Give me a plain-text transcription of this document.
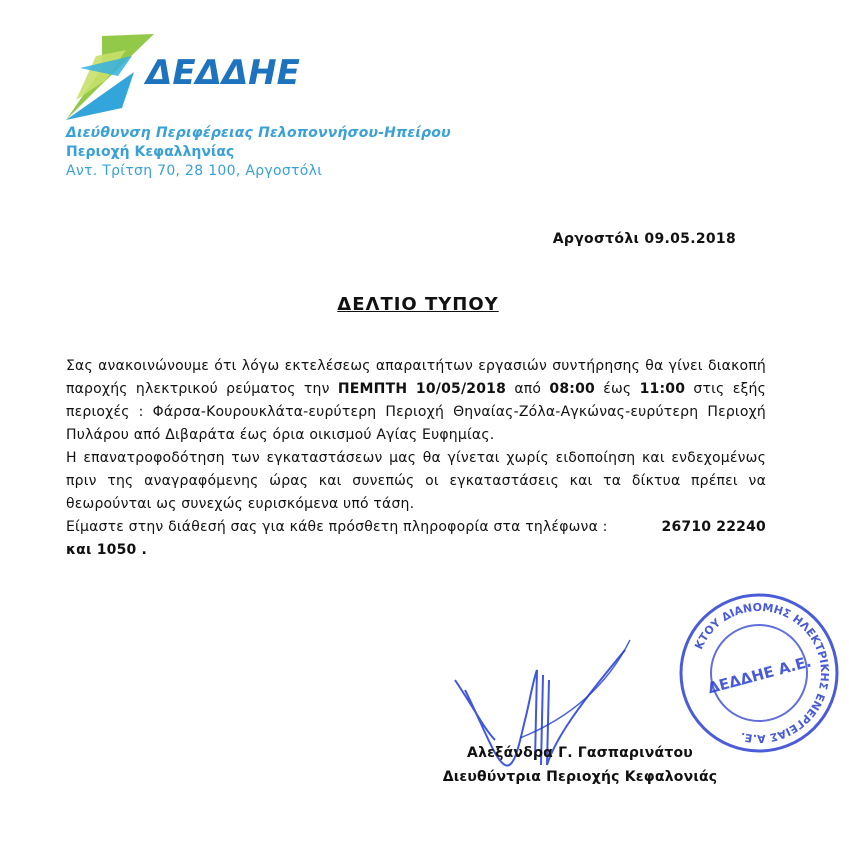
ΔΕΔΔΗΕ
Διεύθυνση Περιφέρειας Πελοποννήσου-Ηπείρου
Περιοχή Κεφαλληνίας
Αντ. Τρίτση 70, 28 100, Αργοστόλι
Αργοστόλι 09.05.2018
ΔΕΛΤΙΟ ΤΥΠΟΥ

Σας ανακοινώνουμε ότι λόγω εκτελέσεως απαραιτήτων εργασιών συντήρησης θα γίνει διακοπή παροχής ηλεκτρικού ρεύματος την ΠΕΜΠΤΗ 10/05/2018 από 08:00 έως 11:00 στις εξής περιοχές : Φάρσα-Κουρουκλάτα-ευρύτερη Περιοχή Θηναίας-Ζόλα-Αγκώνας-ευρύτερη Περιοχή Πυλάρου από Διβαράτα έως όρια οικισμού Αγίας Ευφημίας.

Η επανατροφοδότηση των εγκαταστάσεων μας θα γίνεται χωρίς ειδοποίηση και ενδεχομένως πριν της αναγραφόμενης ώρας και συνεπώς οι εγκαταστάσεις και τα δίκτυα πρέπει να θεωρούνται ως συνεχώς ευρισκόμενα υπό τάση.

Είμαστε στην διάθεσή σας για κάθε πρόσθετη πληροφορία στα τηλέφωνα :	26710 22240

και 1050 .

ΚΤΟΥ ΔΙΑΝΟΜΗΣ ΗΛΕΚΤΡΙΚΗΣ ΕΝΕΡΓΕΙΑΣ Α.Ε.
ΔΕΔΔΗΕ Α.Ε.
Αλεξάνδρα Γ. Γασπαρινάτου
Διευθύντρια Περιοχής Κεφαλονιάς
